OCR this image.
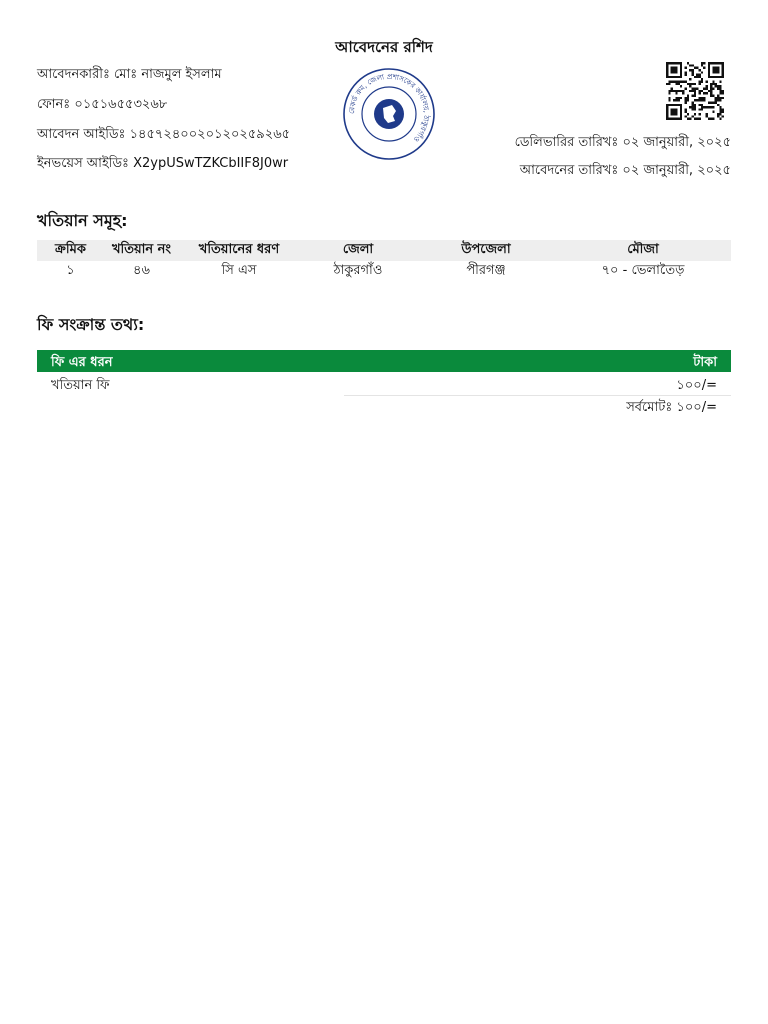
আবেদনের রশিদ
আবেদনকারীঃ মোঃ নাজমুল ইসলাম
ফোনঃ ০১৫১৬৫৫৩২৬৮
আবেদন আইডিঃ ১৪৫৭২৪০০২০১২০২৫৯২৬৫
ইনভয়েস আইডিঃ X2ypUSwTZKCbIIF8J0wr
রেকর্ড রুম, জেলা প্রশাসকের কার্যালয়, ঠাকুরগাঁও	ডেলিভারির তারিখঃ ০২ জানুয়ারী, ২০২৫
আবেদনের তারিখঃ ০২ জানুয়ারী, ২০২৫
খতিয়ান সমূহ:
ক্রমিক	খতিয়ান নং	খতিয়ানের ধরণ	জেলা	উপজেলা	মৌজা
১	৪৬	সি এস	ঠাকুরগাঁও	পীরগঞ্জ	৭০ - ভেলাতৈড়
ফি সংক্রান্ত তথ্য:
ফি এর ধরন	টাকা
খতিয়ান ফি	১০০/=
সর্বমোটঃ ১০০/=
